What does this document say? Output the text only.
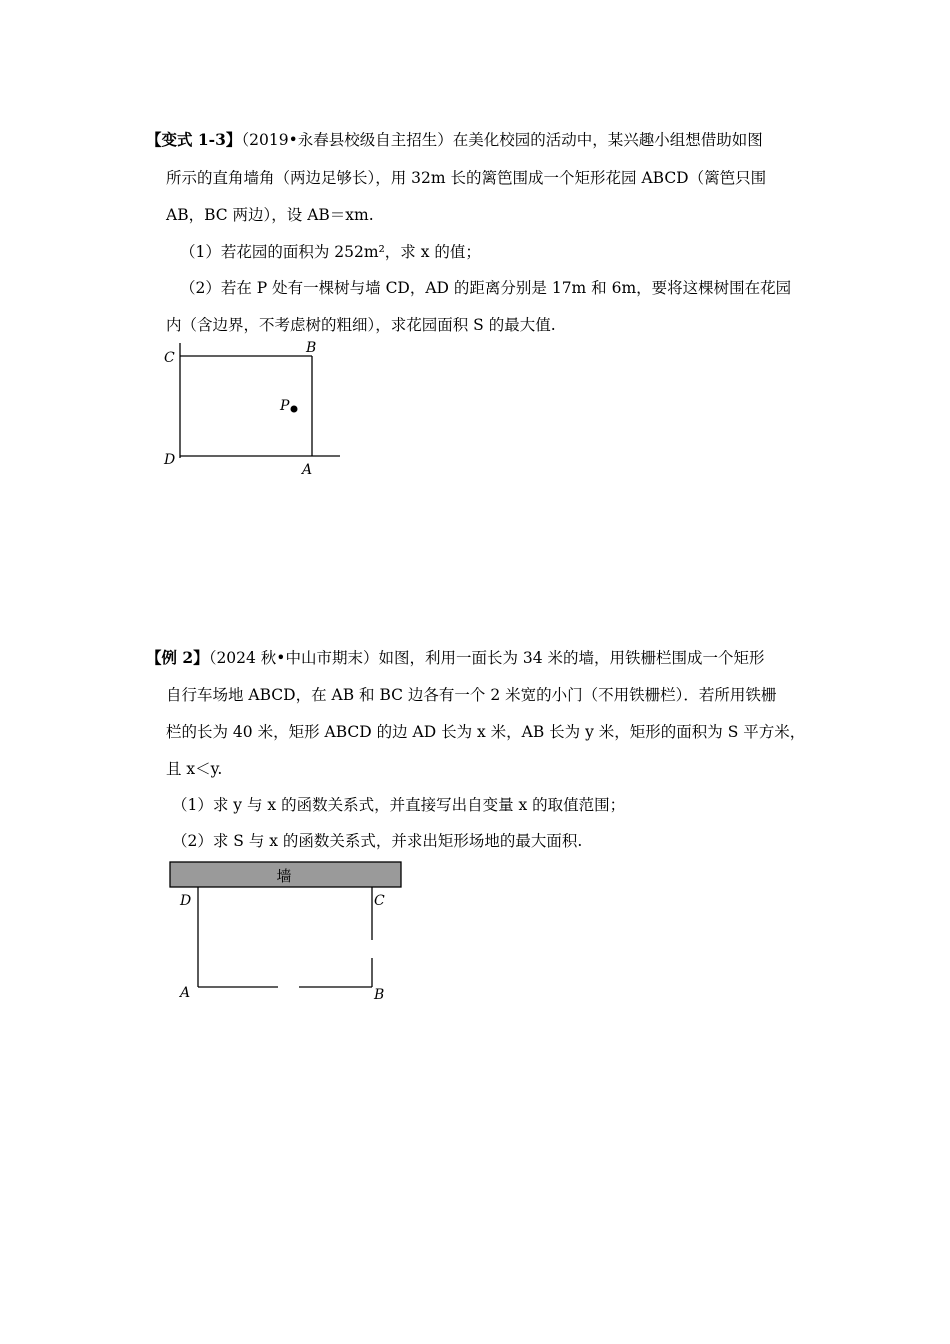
【变式 1-3】（2019•永春县校级自主招生）在美化校园的活动中，某兴趣小组想借助如图
所示的直角墙角（两边足够长），用 32m 长的篱笆围成一个矩形花园 ABCD（篱笆只围
AB，BC 两边），设 AB＝xm.
（1）若花园的面积为 252m²，求 x 的值；
（2）若在 P 处有一棵树与墙 CD，AD 的距离分别是 17m 和 6m，要将这棵树围在花园
内（含边界，不考虑树的粗细），求花园面积 S 的最大值.
C
B
P
D
A
【例 2】（2024 秋•中山市期末）如图，利用一面长为 34 米的墙，用铁栅栏围成一个矩形
自行车场地 ABCD，在 AB 和 BC 边各有一个 2 米宽的小门（不用铁栅栏）．若所用铁栅
栏的长为 40 米，矩形 ABCD 的边 AD 长为 x 米，AB 长为 y 米，矩形的面积为 S 平方米，
且 x＜y.
（1）求 y 与 x 的函数关系式，并直接写出自变量 x 的取值范围；
（2）求 S 与 x 的函数关系式，并求出矩形场地的最大面积.
墙
D	C
A	B
